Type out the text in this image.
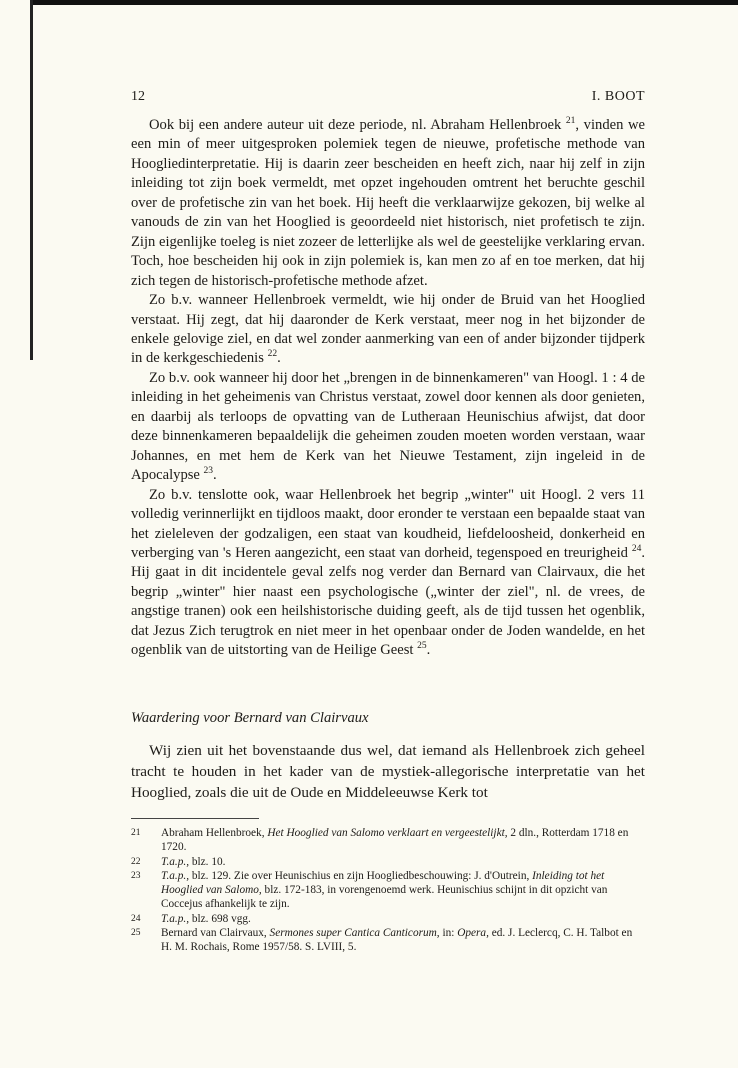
12	I. BOOT

Ook bij een andere auteur uit deze periode, nl. Abraham Hellenbroek $^{21}$, vinden we een min of meer uitgesproken polemiek tegen de nieuwe, profetische methode van Hoogliedinterpretatie. Hij is daarin zeer bescheiden en heeft zich, naar hij zelf in zijn inleiding tot zijn boek vermeldt, met opzet ingehouden omtrent het beruchte geschil over de profetische zin van het boek. Hij heeft die verklaarwijze gekozen, bij welke al vanouds de zin van het Hooglied is geoordeeld niet historisch, niet profetisch te zijn. Zijn eigenlijke toeleg is niet zozeer de letterlijke als wel de geestelijke verklaring ervan. Toch, hoe bescheiden hij ook in zijn polemiek is, kan men zo af en toe merken, dat hij zich tegen de historisch-profetische methode afzet.

Zo b.v. wanneer Hellenbroek vermeldt, wie hij onder de Bruid van het Hooglied verstaat. Hij zegt, dat hij daaronder de Kerk verstaat, meer nog in het bijzonder de enkele gelovige ziel, en dat wel zonder aanmerking van een of ander bijzonder tijdperk in de kerkgeschiedenis $^{22}$.

Zo b.v. ook wanneer hij door het „brengen in de binnenkameren" van Hoogl. 1 : 4 de inleiding in het geheimenis van Christus verstaat, zowel door kennen als door genieten, en daarbij als terloops de opvatting van de Lutheraan Heunischius afwijst, dat door deze binnenkameren bepaaldelijk die geheimen zouden moeten worden verstaan, waar Johannes, en met hem de Kerk van het Nieuwe Testament, zijn ingeleid in de Apocalypse $^{23}$.

Zo b.v. tenslotte ook, waar Hellenbroek het begrip „winter" uit Hoogl. 2 vers 11 volledig verinnerlijkt en tijdloos maakt, door eronder te verstaan een bepaalde staat van het zieleleven der godzaligen, een staat van koudheid, liefdeloosheid, donkerheid en verberging van 's Heren aangezicht, een staat van dorheid, tegenspoed en treurigheid $^{24}$. Hij gaat in dit incidentele geval zelfs nog verder dan Bernard van Clairvaux, die het begrip „winter" hier naast een psychologische („winter der ziel", nl. de vrees, de angstige tranen) ook een heilshistorische duiding geeft, als de tijd tussen het ogenblik, dat Jezus Zich terugtrok en niet meer in het openbaar onder de Joden wandelde, en het ogenblik van de uitstorting van de Heilige Geest $^{25}$.

Waardering voor Bernard van Clairvaux

Wij zien uit het bovenstaande dus wel, dat iemand als Hellenbroek zich geheel tracht te houden in het kader van de mystiek-allegorische interpretatie van het Hooglied, zoals die uit de Oude en Middeleeuwse Kerk tot

21 Abraham Hellenbroek, Het Hooglied van Salomo verklaart en vergeestelijkt, 2 dln., Rotterdam 1718 en 1720.
22 T.a.p., blz. 10.
23 T.a.p., blz. 129. Zie over Heunischius en zijn Hoogliedbeschouwing: J. d'Outrein, Inleiding tot het Hooglied van Salomo, blz. 172-183, in vorengenoemd werk. Heunischius schijnt in dit opzicht van Coccejus afhankelijk te zijn.
24 T.a.p., blz. 698 vgg.
25 Bernard van Clairvaux, Sermones super Cantica Canticorum, in: Opera, ed. J. Leclercq, C. H. Talbot en H. M. Rochais, Rome 1957/58. S. LVIII, 5.
